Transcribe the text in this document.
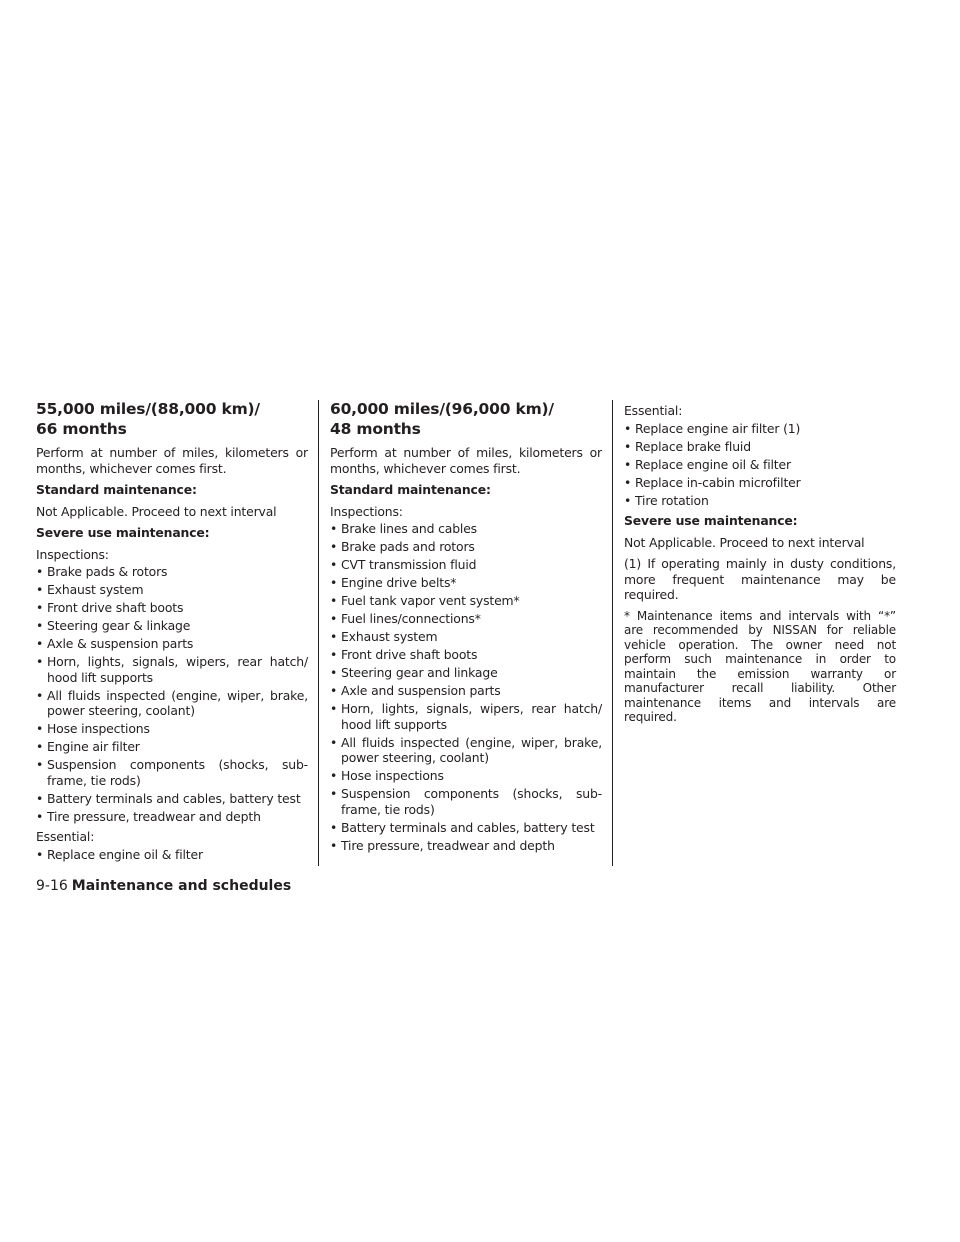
55,000 miles/(88,000 km)/
66 months

Perform at number of miles, kilometers or months, whichever comes first.

Standard maintenance:

Not Applicable. Proceed to next interval

Severe use maintenance:

Inspections:

• Brake pads & rotors
• Exhaust system
• Front drive shaft boots
• Steering gear & linkage
• Axle & suspension parts
• Horn, lights, signals, wipers, rear hatch/ hood lift supports
• All fluids inspected (engine, wiper, brake, power steering, coolant)
• Hose inspections
• Engine air filter
• Suspension components (shocks, sub-frame, tie rods)
• Battery terminals and cables, battery test
• Tire pressure, treadwear and depth

Essential:

• Replace engine oil & filter
60,000 miles/(96,000 km)/
48 months

Perform at number of miles, kilometers or months, whichever comes first.

Standard maintenance:

Inspections:

• Brake lines and cables
• Brake pads and rotors
• CVT transmission fluid
• Engine drive belts*
• Fuel tank vapor vent system*
• Fuel lines/connections*
• Exhaust system
• Front drive shaft boots
• Steering gear and linkage
• Axle and suspension parts
• Horn, lights, signals, wipers, rear hatch/ hood lift supports
• All fluids inspected (engine, wiper, brake, power steering, coolant)
• Hose inspections
• Suspension components (shocks, sub-frame, tie rods)
• Battery terminals and cables, battery test
• Tire pressure, treadwear and depth

Essential:

• Replace engine air filter (1)
• Replace brake fluid
• Replace engine oil & filter
• Replace in-cabin microfilter
• Tire rotation

Severe use maintenance:

Not Applicable. Proceed to next interval

(1) If operating mainly in dusty conditions, more frequent maintenance may be required.

* Maintenance items and intervals with “*” are recommended by NISSAN for reliable vehicle operation. The owner need not perform such maintenance in order to maintain the emission warranty or manufacturer recall liability. Other maintenance items and intervals are required.

9-16 Maintenance and schedules
